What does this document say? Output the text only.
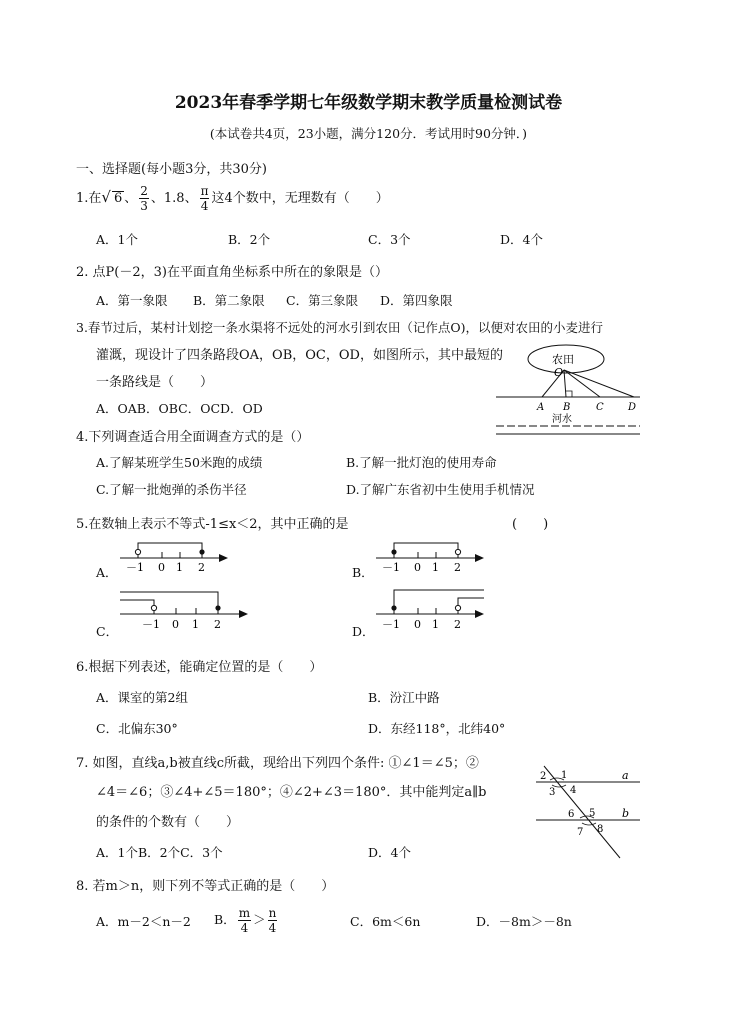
2023年春季学期七年级数学期末教学质量检测试卷
(本试卷共4页，23小题，满分120分．考试用时90分钟．)
一、选择题(每小题3分，共30分)
1.在√ 6 、 $\frac{2}{3}$ 、1.8、 $\frac{\pi}{4}$ 这4个数中，无理数有（　　）
A．1个	B．2个	C．3个	D．4个
2. 点P(－2，3)在平面直角坐标系中所在的象限是（）
A．第一象限 B．第二象限 C．第三象限 D．第四象限
3.春节过后，某村计划挖一条水渠将不远处的河水引到农田（记作点O)，以便对农田的小麦进行
灌溉，现设计了四条路段OA，OB，OC，OD，如图所示，其中最短的
一条路线是（　　）
A．OAB．OBC．OCD．OD
农田
O
A B	C D
河水
4.下列调查适合用全面调查方式的是（）
A.了解某班学生50米跑的成绩	B.了解一批灯泡的使用寿命
C.了解一批炮弹的杀伤半径	D.了解广东省初中生使用手机情况
5.在数轴上表示不等式-1≤x＜2，其中正确的是	(　　)
A． －1 0 1 2	B． －1 0 1 2
C． －1 0 1 2	D． －1 0 1 2
6.根据下列表述，能确定位置的是（　　）
A．课室的第2组	B．汾江中路
C．北偏东30°	D．东经118°，北纬40°
7. 如图，直线a,b被直线c所截，现给出下列四个条件: ①∠1＝∠5；②
∠4＝∠6；③∠4+∠5＝180°；④∠2+∠3＝180°．其中能判定a∥b
的条件的个数有（　　）
A．1个B．2个C．3个	D．4个
a
b
1
2
3 4
5
6
7 8
8. 若m＞n，则下列不等式正确的是（　　）
A．m－2＜n－2 B． $\frac{m}{4} > \frac{n}{4}$	C．6m＜6n	D．－8m＞－8n
